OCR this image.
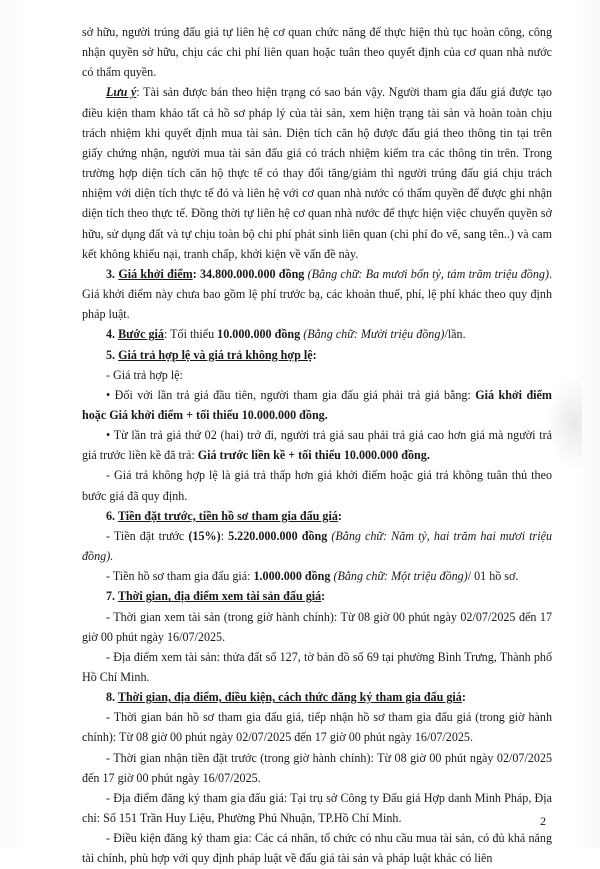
sở hữu, người trúng đấu giá tự liên hệ cơ quan chức năng để thực hiện thủ tục hoàn công, công nhận quyền sở hữu, chịu các chi phí liên quan hoặc tuân theo quyết định của cơ quan nhà nước có thẩm quyền.

Lưu ý: Tài sản được bán theo hiện trạng có sao bán vậy. Người tham gia đấu giá được tạo điều kiện tham khảo tất cả hồ sơ pháp lý của tài sản, xem hiện trạng tài sản và hoàn toàn chịu trách nhiệm khi quyết định mua tài sản. Diện tích căn hộ được đấu giá theo thông tin tại trên giấy chứng nhận, người mua tài sản đấu giá có trách nhiệm kiểm tra các thông tin trên. Trong trường hợp diện tích căn hộ thực tế có thay đổi tăng/giảm thì người trúng đấu giá chịu trách nhiệm với diện tích thực tế đó và liên hệ với cơ quan nhà nước có thẩm quyền để được ghi nhận diện tích theo thực tế. Đồng thời tự liên hệ cơ quan nhà nước để thực hiện việc chuyển quyền sở hữu, sử dụng đất và tự chịu toàn bộ chi phí phát sinh liên quan (chi phí đo vẽ, sang tên..) và cam kết không khiếu nại, tranh chấp, khởi kiện về vấn đề này.

3. Giá khởi điểm: 34.800.000.000 đồng (Bằng chữ: Ba mươi bốn tỷ, tám trăm triệu đồng). Giá khởi điểm này chưa bao gồm lệ phí trước bạ, các khoản thuế, phí, lệ phí khác theo quy định pháp luật.

4. Bước giá: Tối thiểu 10.000.000 đồng (Bằng chữ: Mười triệu đồng)/lần.

5. Giá trả hợp lệ và giá trả không hợp lệ:

- Giá trả hợp lệ:

• Đối với lần trả giá đầu tiên, người tham gia đấu giá phải trả giá bằng: Giá khởi điểm hoặc Giá khởi điểm + tối thiểu 10.000.000 đồng.

• Từ lần trả giá thứ 02 (hai) trở đi, người trả giá sau phải trả giá cao hơn giá mà người trả giá trước liền kề đã trả: Giá trước liền kề + tối thiểu 10.000.000 đồng.

- Giá trả không hợp lệ là giá trả thấp hơn giá khởi điểm hoặc giá trả không tuân thủ theo bước giá đã quy định.

6. Tiền đặt trước, tiền hồ sơ tham gia đấu giá:

- Tiền đặt trước (15%): 5.220.000.000 đồng (Bằng chữ: Năm tỷ, hai trăm hai mươi triệu đồng).

- Tiền hồ sơ tham gia đấu giá: 1.000.000 đồng (Bằng chữ: Một triệu đồng)/ 01 hồ sơ.

7. Thời gian, địa điểm xem tài sản đấu giá:

- Thời gian xem tài sản (trong giờ hành chính): Từ 08 giờ 00 phút ngày 02/07/2025 đến 17 giờ 00 phút ngày 16/07/2025.

- Địa điểm xem tài sản: thửa đất số 127, tờ bản đồ số 69 tại phường Bình Trưng, Thành phố Hồ Chí Minh.

8. Thời gian, địa điểm, điều kiện, cách thức đăng ký tham gia đấu giá:

- Thời gian bán hồ sơ tham gia đấu giá, tiếp nhận hồ sơ tham gia đấu giá (trong giờ hành chính): Từ 08 giờ 00 phút ngày 02/07/2025 đến 17 giờ 00 phút ngày 16/07/2025.

- Thời gian nhận tiền đặt trước (trong giờ hành chính): Từ 08 giờ 00 phút ngày 02/07/2025 đến 17 giờ 00 phút ngày 16/07/2025.

- Địa điểm đăng ký tham gia đấu giá: Tại trụ sở Công ty Đấu giá Hợp danh Minh Pháp, Địa chỉ: Số 151 Trần Huy Liệu, Phường Phú Nhuận, TP.Hồ Chí Minh.

- Điều kiện đăng ký tham gia: Các cá nhân, tổ chức có nhu cầu mua tài sản, có đủ khả năng tài chính, phù hợp với quy định pháp luật về đấu giá tài sản và pháp luật khác có liên

2
